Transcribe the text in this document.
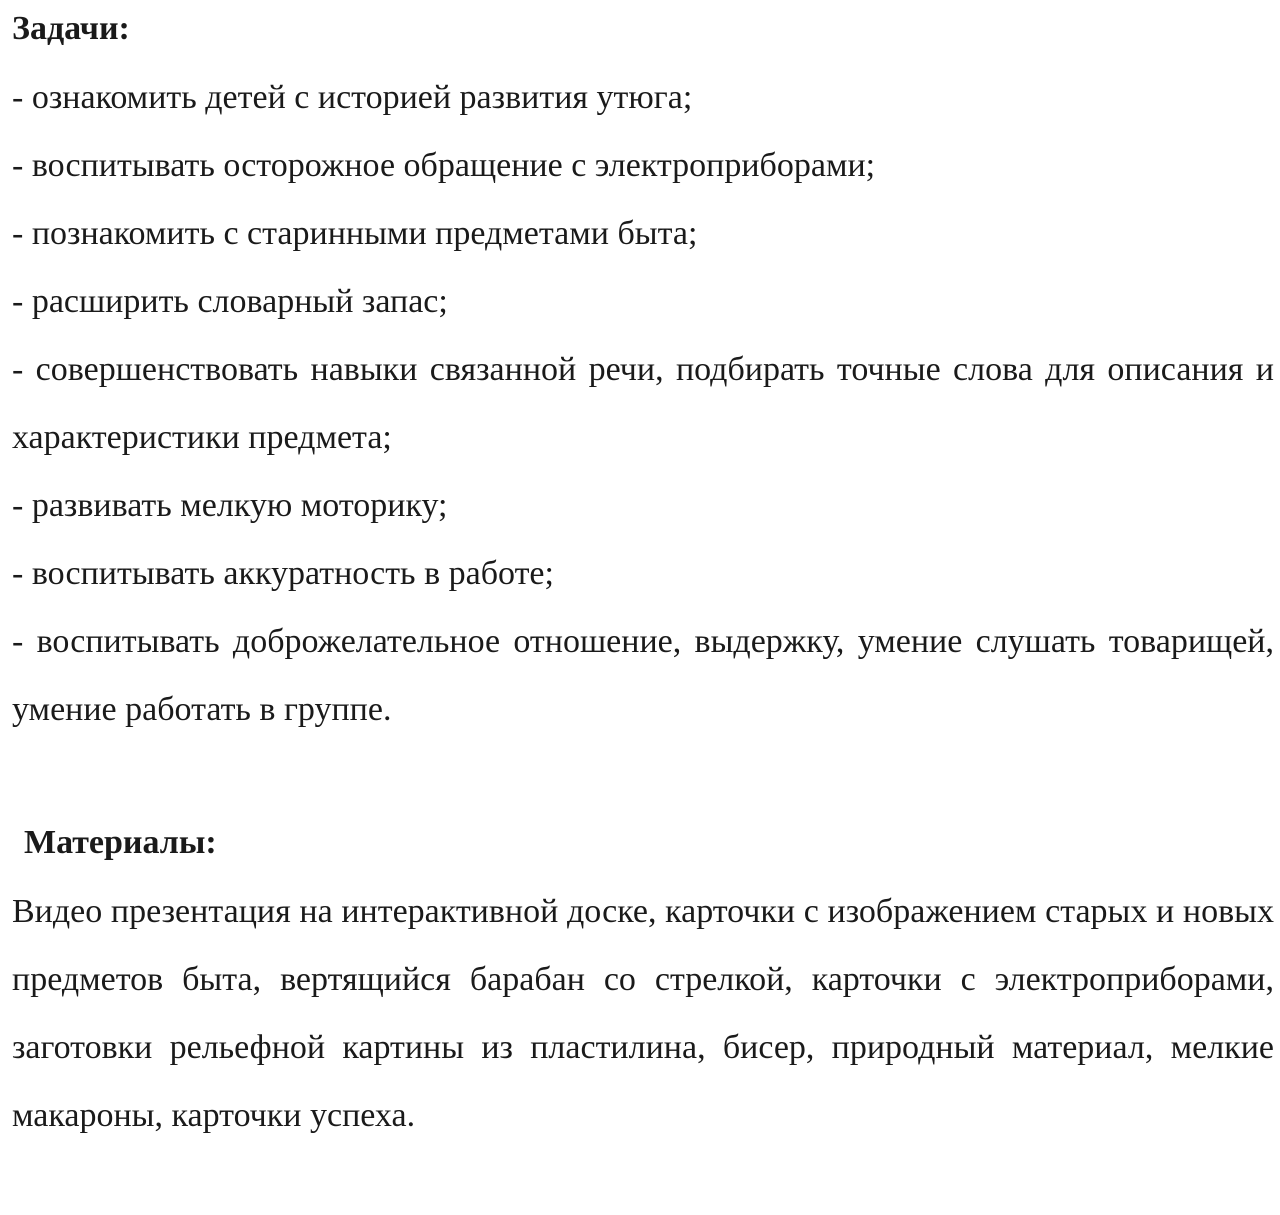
Задачи:
- ознакомить детей с историей развития утюга;
- воспитывать осторожное обращение с электроприборами;
- познакомить с старинными предметами быта;
- расширить словарный запас;
- совершенствовать навыки связанной речи, подбирать точные слова для описания и характеристики предмета;
- развивать мелкую моторику;
- воспитывать аккуратность в работе;
- воспитывать доброжелательное отношение, выдержку, умение слушать товарищей, умение работать в группе.
Материалы:

Видео презентация на интерактивной доске, карточки с изображением старых и новых предметов быта, вертящийся барабан со стрелкой, карточки с электроприборами, заготовки рельефной картины из пластилина, бисер, природный материал, мелкие макароны, карточки успеха.
